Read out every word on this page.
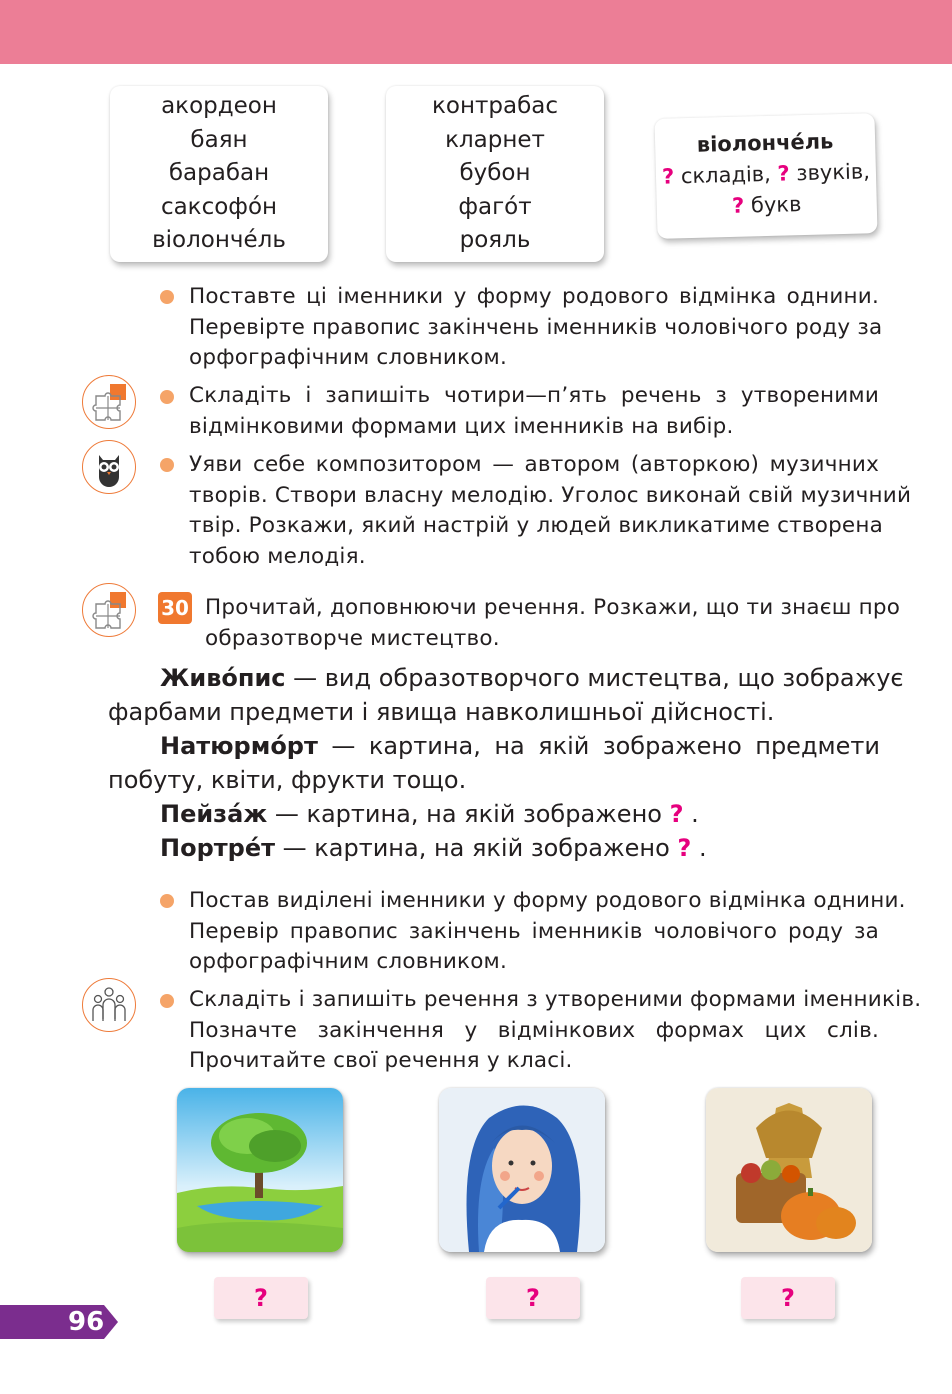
акордеон
баян
барабан
саксофо́н
віолонче́ль
контрабас
кларнет
бубон
фаго́т
рояль
віолонче́ль
? складів, ? звуків,
? букв
Поставте ці іменники у форму родового відмінка однини.
Перевірте правопис закінчень іменників чоловічого роду за
орфографічним словником.
Складіть і запишіть чотири—п’ять речень з утвореними
відмінковими формами цих іменників на вибір.
Уяви себе композитором — автором (авторкою) музичних
творів. Створи власну мелодію. Уголос виконай свій музичний
твір. Розкажи, який настрій у людей викликатиме створена
тобою мелодія.
30 Прочитай, доповнюючи речення. Розкажи, що ти знаєш про
образотворче мистецтво.
Живо́пис — вид образотворчого мистецтва, що зображує
фарбами предмети і явища навколишньої дійсності.
Натюрмо́рт — картина, на якій зображено предмети
побуту, квіти, фрукти тощо.
Пейза́ж — картина, на якій зображено ? .
Портре́т — картина, на якій зображено ? .
Постав виділені іменники у форму родового відмінка однини.
Перевір правопис закінчень іменників чоловічого роду за
орфографічним словником.
Складіть і запишіть речення з утвореними формами іменників.
Позначте закінчення у відмінкових формах цих слів.
Прочитайте свої речення у класі.
?	?	?
96
